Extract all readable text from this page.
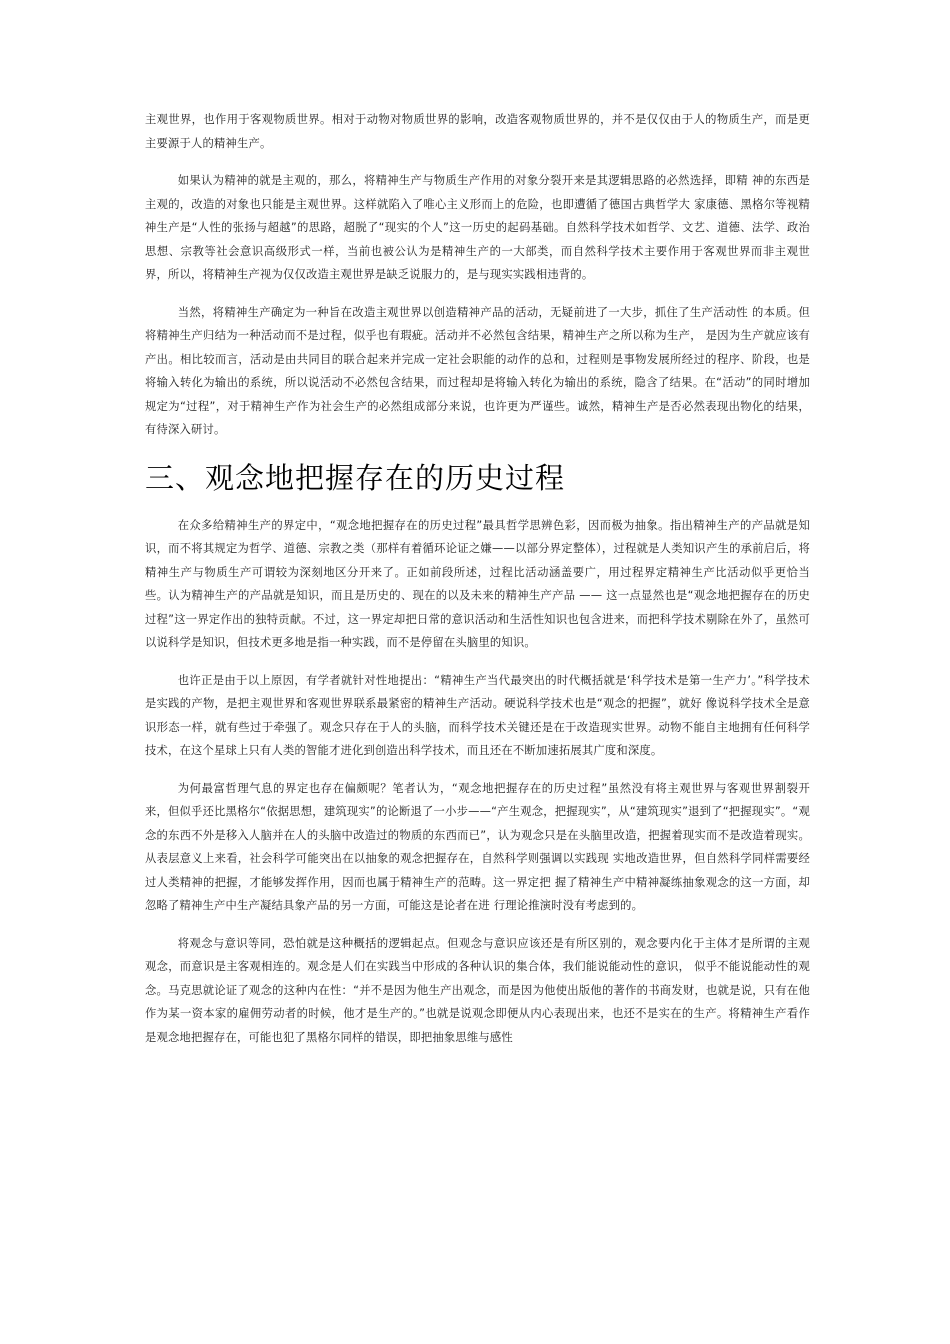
主观世界，也作用于客观物质世界。相对于动物对物质世界的影响，改造客观物质世界的，并不是仅仅由于人的物质生产，而是更主要源于人的精神生产。

如果认为精神的就是主观的，那么，将精神生产与物质生产作用的对象分裂开来是其逻辑思路的必然选择，即精 神的东西是主观的，改造的对象也只能是主观世界。这样就陷入了唯心主义形而上的危险，也即遭循了德国古典哲学大 家康德、黑格尔等视精神生产是“人性的张扬与超越”的思路，超脱了“现实的个人”这一历史的起码基础。自然科学技术如哲学、文艺、道德、法学、政治思想、宗教等社会意识高级形式一样，当前也被公认为是精神生产的一大部类，而自然科学技术主要作用于客观世界而非主观世界，所以，将精神生产视为仅仅改造主观世界是缺乏说服力的，是与现实实践相违背的。

当然，将精神生产确定为一种旨在改造主观世界以创造精神产品的活动，无疑前进了一大步，抓住了生产活动性 的本质。但将精神生产归结为一种活动而不是过程，似乎也有瑕疵。活动并不必然包含结果，精神生产之所以称为生产， 是因为生产就应该有产出。相比较而言，活动是由共同目的联合起来并完成一定社会职能的动作的总和，过程则是事物发展所经过的程序、阶段，也是将输入转化为输出的系统，所以说活动不必然包含结果，而过程却是将输入转化为输出的系统，隐含了结果。在“活动”的同时增加规定为“过程”，对于精神生产作为社会生产的必然组成部分来说，也许更为严谨些。诚然，精神生产是否必然表现出物化的结果，有待深入研讨。

三、观念地把握存在的历史过程

在众多给精神生产的界定中，“观念地把握存在的历史过程”最具哲学思辨色彩，因而极为抽象。指出精神生产的产品就是知识，而不将其规定为哲学、道德、宗教之类（那样有着循环论证之嫌——以部分界定整体），过程就是人类知识产生的承前启后，将精神生产与物质生产可谓较为深刻地区分开来了。正如前段所述，过程比活动涵盖要广，用过程界定精神生产比活动似乎更恰当些。认为精神生产的产品就是知识，而且是历史的、现在的以及未来的精神生产产品 —— 这一点显然也是“观念地把握存在的历史过程”这一界定作出的独特贡献。不过，这一界定却把日常的意识活动和生活性知识也包含进来，而把科学技术剔除在外了，虽然可以说科学是知识，但技术更多地是指一种实践，而不是停留在头脑里的知识。

也许正是由于以上原因，有学者就针对性地提出：“精神生产当代最突出的时代概括就是‘科学技术是第一生产力’。”科学技术是实践的产物，是把主观世界和客观世界联系最紧密的精神生产活动。硬说科学技术也是“观念的把握”，就好 像说科学技术全是意识形态一样，就有些过于牵强了。观念只存在于人的头脑，而科学技术关键还是在于改造现实世界。动物不能自主地拥有任何科学技术，在这个星球上只有人类的智能才进化到创造出科学技术，而且还在不断加速拓展其广度和深度。

为何最富哲理气息的界定也存在偏颇呢？笔者认为，“观念地把握存在的历史过程”虽然没有将主观世界与客观世界割裂开来，但似乎还比黑格尔“依据思想，建筑现实”的论断退了一小步——“产生观念，把握现实”，从“建筑现实”退到了“把握现实”。“观念的东西不外是移入人脑并在人的头脑中改造过的物质的东西而已”，认为观念只是在头脑里改造，把握着现实而不是改造着现实。从表层意义上来看，社会科学可能突出在以抽象的观念把握存在，自然科学则强调以实践现 实地改造世界，但自然科学同样需要经过人类精神的把握，才能够发挥作用，因而也属于精神生产的范畴。这一界定把 握了精神生产中精神凝练抽象观念的这一方面，却忽略了精神生产中生产凝结具象产品的另一方面，可能这是论者在进 行理论推演时没有考虑到的。

将观念与意识等同，恐怕就是这种概括的逻辑起点。但观念与意识应该还是有所区别的，观念要内化于主体才是所谓的主观观念，而意识是主客观相连的。观念是人们在实践当中形成的各种认识的集合体，我们能说能动性的意识， 似乎不能说能动性的观念。马克思就论证了观念的这种内在性：“并不是因为他生产出观念，而是因为他使出版他的著作的书商发财，也就是说，只有在他作为某一资本家的雇佣劳动者的时候，他才是生产的。”也就是说观念即便从内心表现出来，也还不是实在的生产。将精神生产看作是观念地把握存在，可能也犯了黑格尔同样的错误，即把抽象思维与感性
